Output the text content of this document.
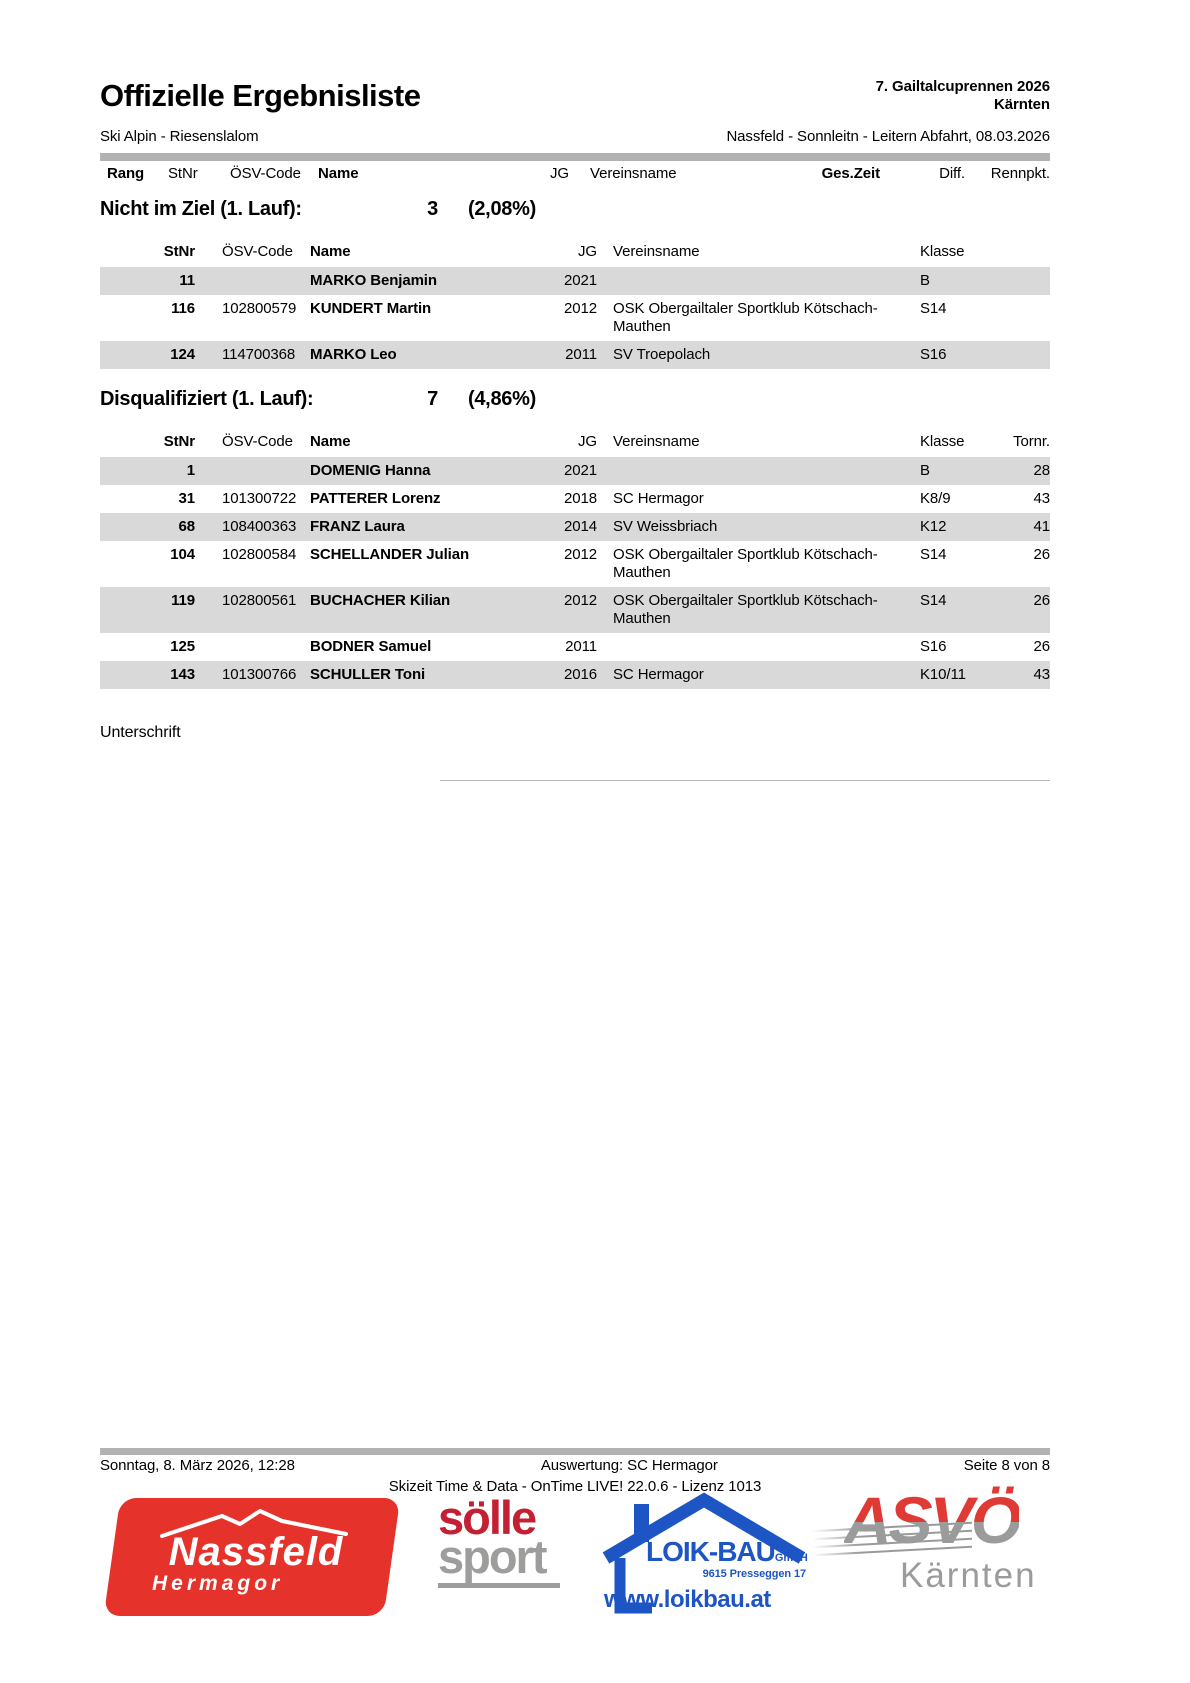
Offizielle Ergebnisliste
Ski Alpin - Riesenslalom
7. Gailtalcuprennen 2026
Kärnten
Nassfeld - Sonnleitn - Leitern Abfahrt, 08.03.2026
Rang StNr ÖSV-Code Name	JG Vereinsname	Ges.Zeit	Diff.	Rennpkt.
Nicht im Ziel (1. Lauf):	3 (2,08%)
StNr	ÖSV-Code	Name	JG	Vereinsname	Klasse
11		MARKO Benjamin	2021		B
116	102800579	KUNDERT Martin	2012	OSK Obergailtaler Sportklub Kötschach-Mauthen	S14
124	114700368	MARKO Leo	2011	SV Troepolach	S16
Disqualifiziert (1. Lauf):	7 (4,86%)
StNr	ÖSV-Code	Name	JG	Vereinsname	Klasse	Tornr.
1		DOMENIG Hanna	2021		B	28
31	101300722	PATTERER Lorenz	2018	SC Hermagor	K8/9	43
68	108400363	FRANZ Laura	2014	SV Weissbriach	K12	41
104	102800584	SCHELLANDER Julian	2012	OSK Obergailtaler Sportklub Kötschach-Mauthen	S14	26
119	102800561	BUCHACHER Kilian	2012	OSK Obergailtaler Sportklub Kötschach-Mauthen	S14	26
125		BODNER Samuel	2011		S16	26
143	101300766	SCHULLER Toni	2016	SC Hermagor	K10/11	43
Unterschrift
Sonntag, 8. März 2026, 12:28	Auswertung: SC Hermagor	Seite 8 von 8
Skizeit Time & Data - OnTime LIVE! 22.0.6 - Lizenz 1013
Nassfeld
Hermagor
sölle
sport	LOIK-BAUGmbH
9615 Presseggen 17
www.loikbau.at
ASVÖ
Kärnten
